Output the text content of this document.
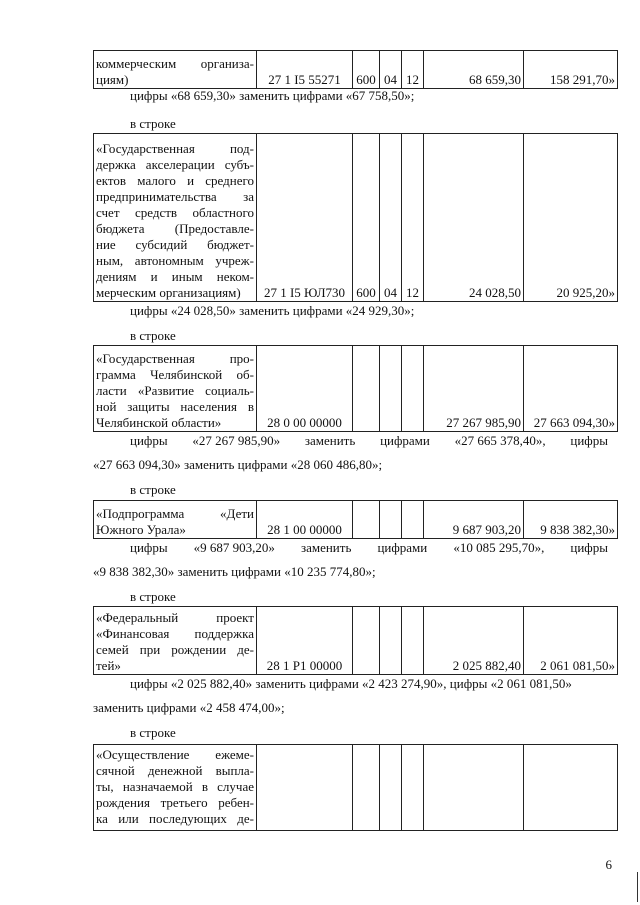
коммерческим организа-
циям)	27 1 I5 55271	600	04	12	68 659,30	158 291,70»
цифры «68 659,30» заменить цифрами «67 758,50»;
в строке
«Государственная под-
держка акселерации субъ-
ектов малого и среднего
предпринимательства за
счет средств областного
бюджета (Предоставле-
ние субсидий бюджет-
ным, автономным учреж-
дениям и иным неком-
мерческим организациям)	27 1 I5 ЮЛ730	600	04	12	24 028,50	20 925,20»
цифры «24 028,50» заменить цифрами «24 929,30»;
в строке
«Государственная про-
грамма Челябинской об-
ласти «Развитие социаль-
ной защиты населения в
Челябинской области»	28 0 00 00000				27 267 985,90	27 663 094,30»
цифры «27 267 985,90» заменить цифрами «27 665 378,40», цифры
«27 663 094,30» заменить цифрами «28 060 486,80»;
в строке
«Подпрограмма «Дети
Южного Урала»	28 1 00 00000				9 687 903,20	9 838 382,30»
цифры «9 687 903,20» заменить цифрами «10 085 295,70», цифры
«9 838 382,30» заменить цифрами «10 235 774,80»;
в строке
«Федеральный проект
«Финансовая поддержка
семей при рождении де-
тей»	28 1 P1 00000				2 025 882,40	2 061 081,50»
цифры «2 025 882,40» заменить цифрами «2 423 274,90», цифры «2 061 081,50»
заменить цифрами «2 458 474,00»;
в строке
«Осуществление ежеме-
сячной денежной выпла-
ты, назначаемой в случае
рождения третьего ребен-
ка или последующих де-

6
